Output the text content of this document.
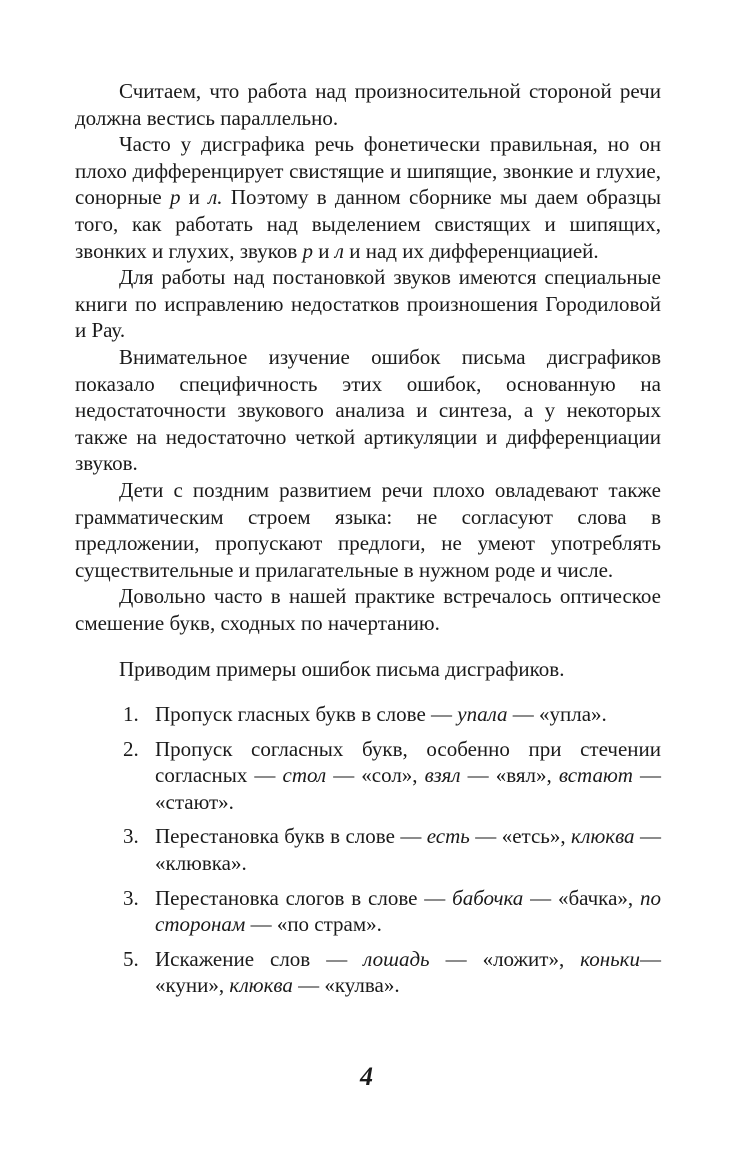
Считаем, что работа над произносительной стороной речи должна вестись параллельно.

Часто у дисграфика речь фонетически правильная, но он плохо дифференцирует свистящие и шипящие, звонкие и глухие, сонорные р и л. Поэтому в данном сборнике мы даем образцы того, как работать над выделением свистящих и шипящих, звонких и глухих, звуков р и л и над их дифференциацией.

Для работы над постановкой звуков имеются специальные книги по исправлению недостатков произношения Городиловой и Рау.

Внимательное изучение ошибок письма дисграфиков показало специфичность этих ошибок, основанную на недостаточности звукового анализа и синтеза, а у некоторых также на недостаточно четкой артикуляции и дифференциации звуков.

Дети с поздним развитием речи плохо овладевают также грамматическим строем языка: не согласуют слова в предложении, пропускают предлоги, не умеют употреблять существительные и прилагательные в нужном роде и числе.

Довольно часто в нашей практике встречалось оптическое смешение букв, сходных по начертанию.

Приводим примеры ошибок письма дисграфиков.

1. Пропуск гласных букв в слове — упала — «упла».
2. Пропуск согласных букв, особенно при стечении согласных — стол — «сол», взял — «вял», встают — «стают».
3. Перестановка букв в слове — есть — «етсь», клюква — «клювка».
3. Перестановка слогов в слове — бабочка — «бачка», по сторонам — «по страм».
5. Искажение слов — лошадь — «ложит», коньки— «куни», клюква — «кулва».
4
